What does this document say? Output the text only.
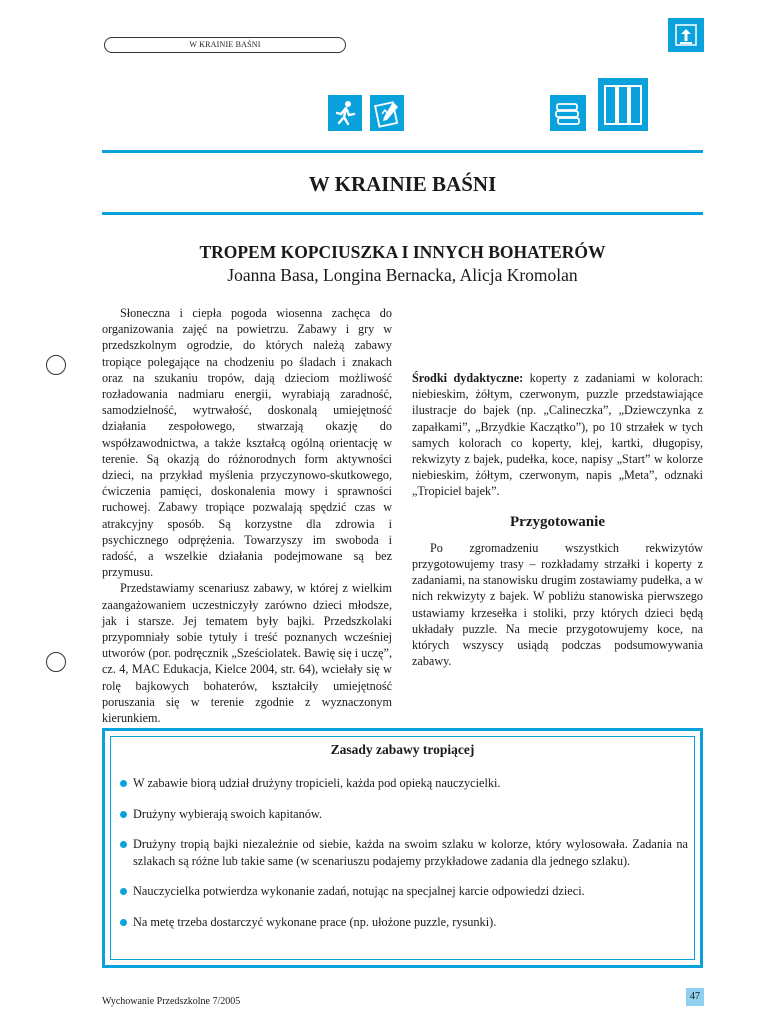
W KRAINIE BAŚNI
W KRAINIE BAŚNI
TROPEM KOPCIUSZKA I INNYCH BOHATERÓW
Joanna Basa, Longina Bernacka, Alicja Kromolan

Słoneczna i ciepła pogoda wiosenna zachęca do organizowania zajęć na powietrzu. Zabawy i gry w przedszkolnym ogrodzie, do których należą zabawy tropiące polegające na chodzeniu po śladach i znakach oraz na szukaniu tropów, dają dzieciom możliwość rozładowania nadmiaru energii, wyrabiają zaradność, samodzielność, wytrwałość, doskonalą umiejętność działania zespołowego, stwarzają okazję do współzawodnictwa, a także kształcą ogólną orientację w terenie. Są okazją do różnorodnych form aktywności dzieci, na przykład myślenia przyczynowo-skutkowego, ćwiczenia pamięci, doskonalenia mowy i sprawności ruchowej. Zabawy tropiące pozwalają spędzić czas w atrakcyjny sposób. Są korzystne dla zdrowia i psychicznego odprężenia. Towarzyszy im swoboda i radość, a wszelkie działania podejmowane są bez przymusu.

Przedstawiamy scenariusz zabawy, w której z wielkim zaangażowaniem uczestniczyły zarówno dzieci młodsze, jak i starsze. Jej tematem były bajki. Przedszkolaki przypomniały sobie tytuły i treść poznanych wcześniej utworów (por. podręcznik „Sześciolatek. Bawię się i uczę”, cz. 4, MAC Edukacja, Kielce 2004, str. 64), wciełały się w rolę bajkowych bohaterów, kształciły umiejętność poruszania się w terenie zgodnie z wyznaczonym kierunkiem.

Środki dydaktyczne: koperty z zadaniami w kolorach: niebieskim, żółtym, czerwonym, puzzle przedstawiające ilustracje do bajek (np. „Calineczka”, „Dziewczynka z zapałkami”, „Brzydkie Kaczątko”), po 10 strzałek w tych samych kolorach co koperty, klej, kartki, długopisy, rekwizyty z bajek, pudełka, koce, napisy „Start” w kolorze niebieskim, żółtym, czerwonym, napis „Meta”, odznaki „Tropiciel bajek”.

Przygotowanie

Po zgromadzeniu wszystkich rekwizytów przygotowujemy trasy – rozkładamy strzałki i koperty z zadaniami, na stanowisku drugim zostawiamy pudełka, a w nich rekwizyty z bajek. W pobliżu stanowiska pierwszego ustawiamy krzesełka i stoliki, przy których dzieci będą układały puzzle. Na mecie przygotowujemy koce, na których wszyscy usiądą podczas podsumowywania zabawy.

Zasady zabawy tropiącej
W zabawie biorą udział drużyny tropicieli, każda pod opieką nauczycielki.
Drużyny wybierają swoich kapitanów.
Drużyny tropią bajki niezależnie od siebie, każda na swoim szlaku w kolorze, który wylosowała. Zadania na szlakach są różne lub takie same (w scenariuszu podajemy przykładowe zadania dla jednego szlaku).
Nauczycielka potwierdza wykonanie zadań, notując na specjalnej karcie odpowiedzi dzieci.
Na metę trzeba dostarczyć wykonane prace (np. ułożone puzzle, rysunki).
Wychowanie Przedszkolne 7/2005	47
